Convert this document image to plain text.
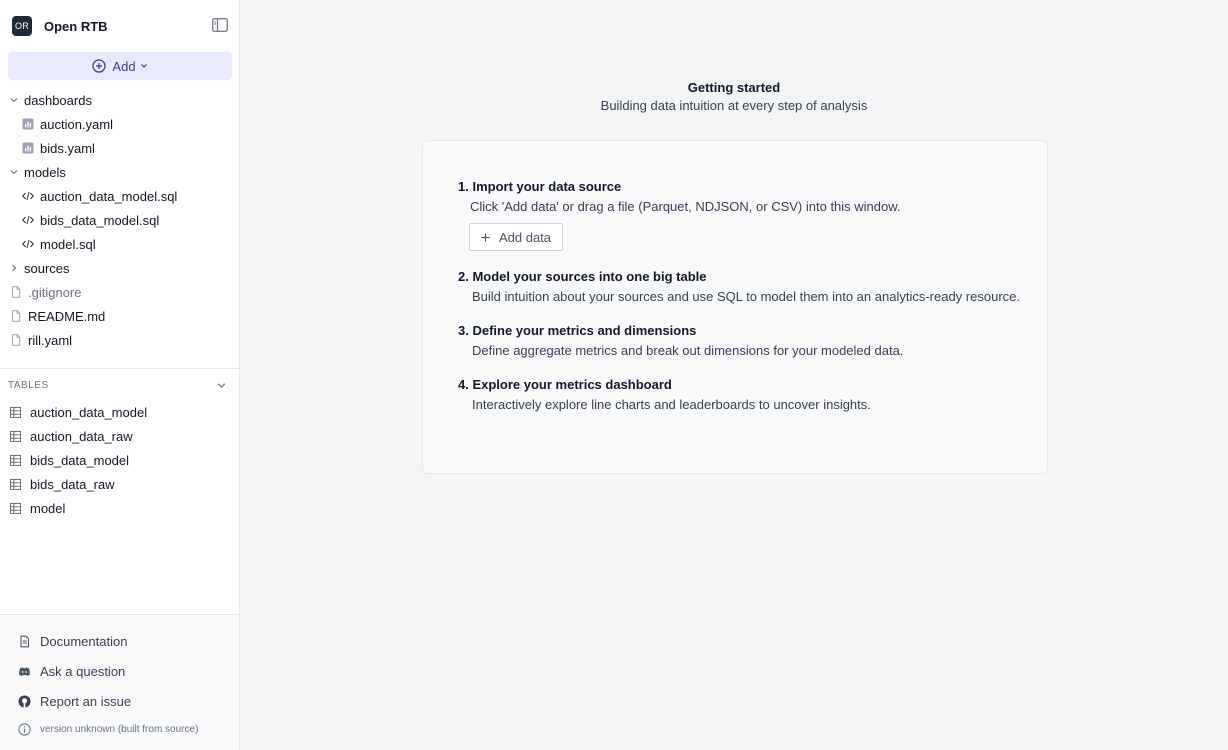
OR Open RTB
Add
dashboards
auction.yaml
bids.yaml
models
auction_data_model.sql
bids_data_model.sql
model.sql
sources
.gitignore
README.md
rill.yaml
TABLES
auction_data_model
auction_data_raw
bids_data_model
bids_data_raw
model
Documentation
Ask a question
Report an issue
version unknown (built from source)
Getting started
Building data intuition at every step of analysis
1. Import your data source
Click 'Add data' or drag a file (Parquet, NDJSON, or CSV) into this window.
Add data
2. Model your sources into one big table
Build intuition about your sources and use SQL to model them into an analytics-ready resource.
3. Define your metrics and dimensions
Define aggregate metrics and break out dimensions for your modeled data.
4. Explore your metrics dashboard
Interactively explore line charts and leaderboards to uncover insights.
